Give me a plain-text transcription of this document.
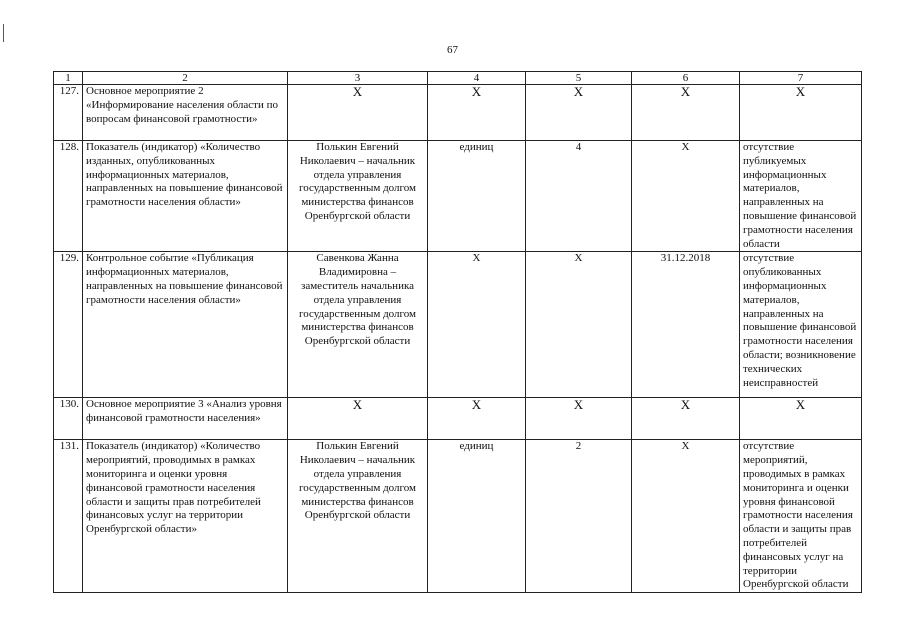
67
1	2	3	4	5	6	7
127.	Основное мероприятие 2 «Информирование населения области по вопросам финансовой грамотности»	X	X	X	X	X
128.	Показатель (индикатор) «Количество изданных, опубликованных информационных материалов, направленных на повышение финансовой грамотности населения области»	Полькин Евгений Николаевич – начальник отдела управления государственным долгом министерства финансов Оренбургской области	единиц	4	X	отсутствие публикуемых информационных материалов, направленных на повышение финансовой грамотности населения области
129.	Контрольное событие «Публикация информационных материалов, направленных на повышение финансовой грамотности населения области»	Савенкова Жанна Владимировна – заместитель начальника отдела управления государственным долгом министерства финансов Оренбургской области	X	X	31.12.2018	отсутствие опубликованных информационных материалов, направленных на повышение финансовой грамотности населения области; возникновение технических неисправностей
130.	Основное мероприятие 3 «Анализ уровня финансовой грамотности населения»	X	X	X	X	X
131.	Показатель (индикатор) «Количество мероприятий, проводимых в рамках мониторинга и оценки уровня финансовой грамотности населения области и защиты прав потребителей финансовых услуг на территории Оренбургской области»	Полькин Евгений Николаевич – начальник отдела управления государственным долгом министерства финансов Оренбургской области	единиц	2	X	отсутствие мероприятий, проводимых в рамках мониторинга и оценки уровня финансовой грамотности населения области и защиты прав потребителей финансовых услуг на территории Оренбургской области
